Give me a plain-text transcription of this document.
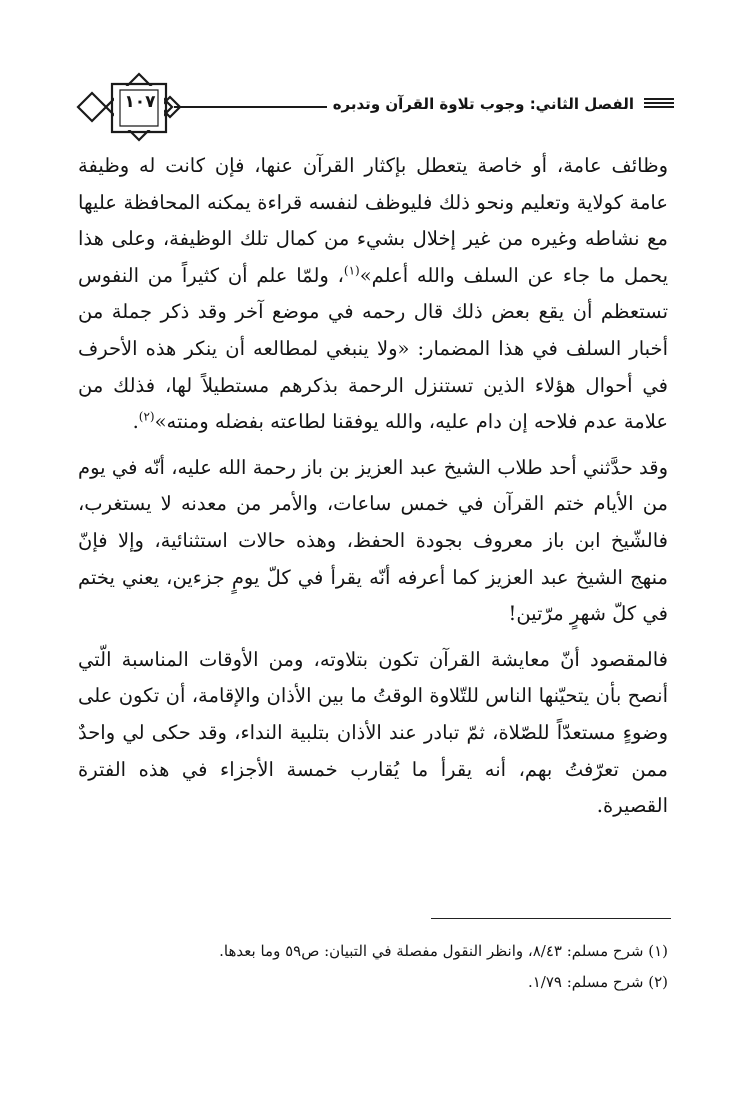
١٠٧	الفصل الثاني: وجوب تلاوة القرآن وتدبره

وظائف عامة، أو خاصة يتعطل بإكثار القرآن عنها، فإن كانت له وظيفة عامة كولاية وتعليم ونحو ذلك فليوظف لنفسه قراءة يمكنه المحافظة عليها مع نشاطه وغيره من غير إخلال بشيء من كمال تلك الوظيفة، وعلى هذا يحمل ما جاء عن السلف والله أعلم»$^{(١)}$، ولمّا علم أن كثيراً من النفوس تستعظم أن يقع بعض ذلك قال رحمه في موضع آخر وقد ذكر جملة من أخبار السلف في هذا المضمار: «ولا ينبغي لمطالعه أن ينكر هذه الأحرف في أحوال هؤلاء الذين تستنزل الرحمة بذكرهم مستطيلاً لها، فذلك من علامة عدم فلاحه إن دام عليه، والله يوفقنا لطاعته بفضله ومنته»$^{(٢)}$.

وقد حدَّثني أحد طلاب الشيخ عبد العزيز بن باز رحمة الله عليه، أنّه في يوم من الأيام ختم القرآن في خمس ساعات، والأمر من معدنه لا يستغرب، فالشّيخ ابن باز معروف بجودة الحفظ، وهذه حالات استثنائية، وإلا فإنّ منهج الشيخ عبد العزيز كما أعرفه أنّه يقرأ في كلّ يومٍ جزءين، يعني يختم في كلّ شهرٍ مرّتين!

فالمقصود أنّ معايشة القرآن تكون بتلاوته، ومن الأوقات المناسبة الّتي أنصح بأن يتحيّنها الناس للتّلاوة الوقتُ ما بين الأذان والإقامة، أن تكون على وضوءٍ مستعدّاً للصّلاة، ثمّ تبادر عند الأذان بتلبية النداء، وقد حكى لي واحدٌ ممن تعرّفتُ بهم، أنه يقرأ ما يُقارب خمسة الأجزاء في هذه الفترة القصيرة.

(١) شرح مسلم: ٨/٤٣، وانظر النقول مفصلة في التبيان: ص٥٩ وما بعدها.

(٢) شرح مسلم: ١/٧٩.
